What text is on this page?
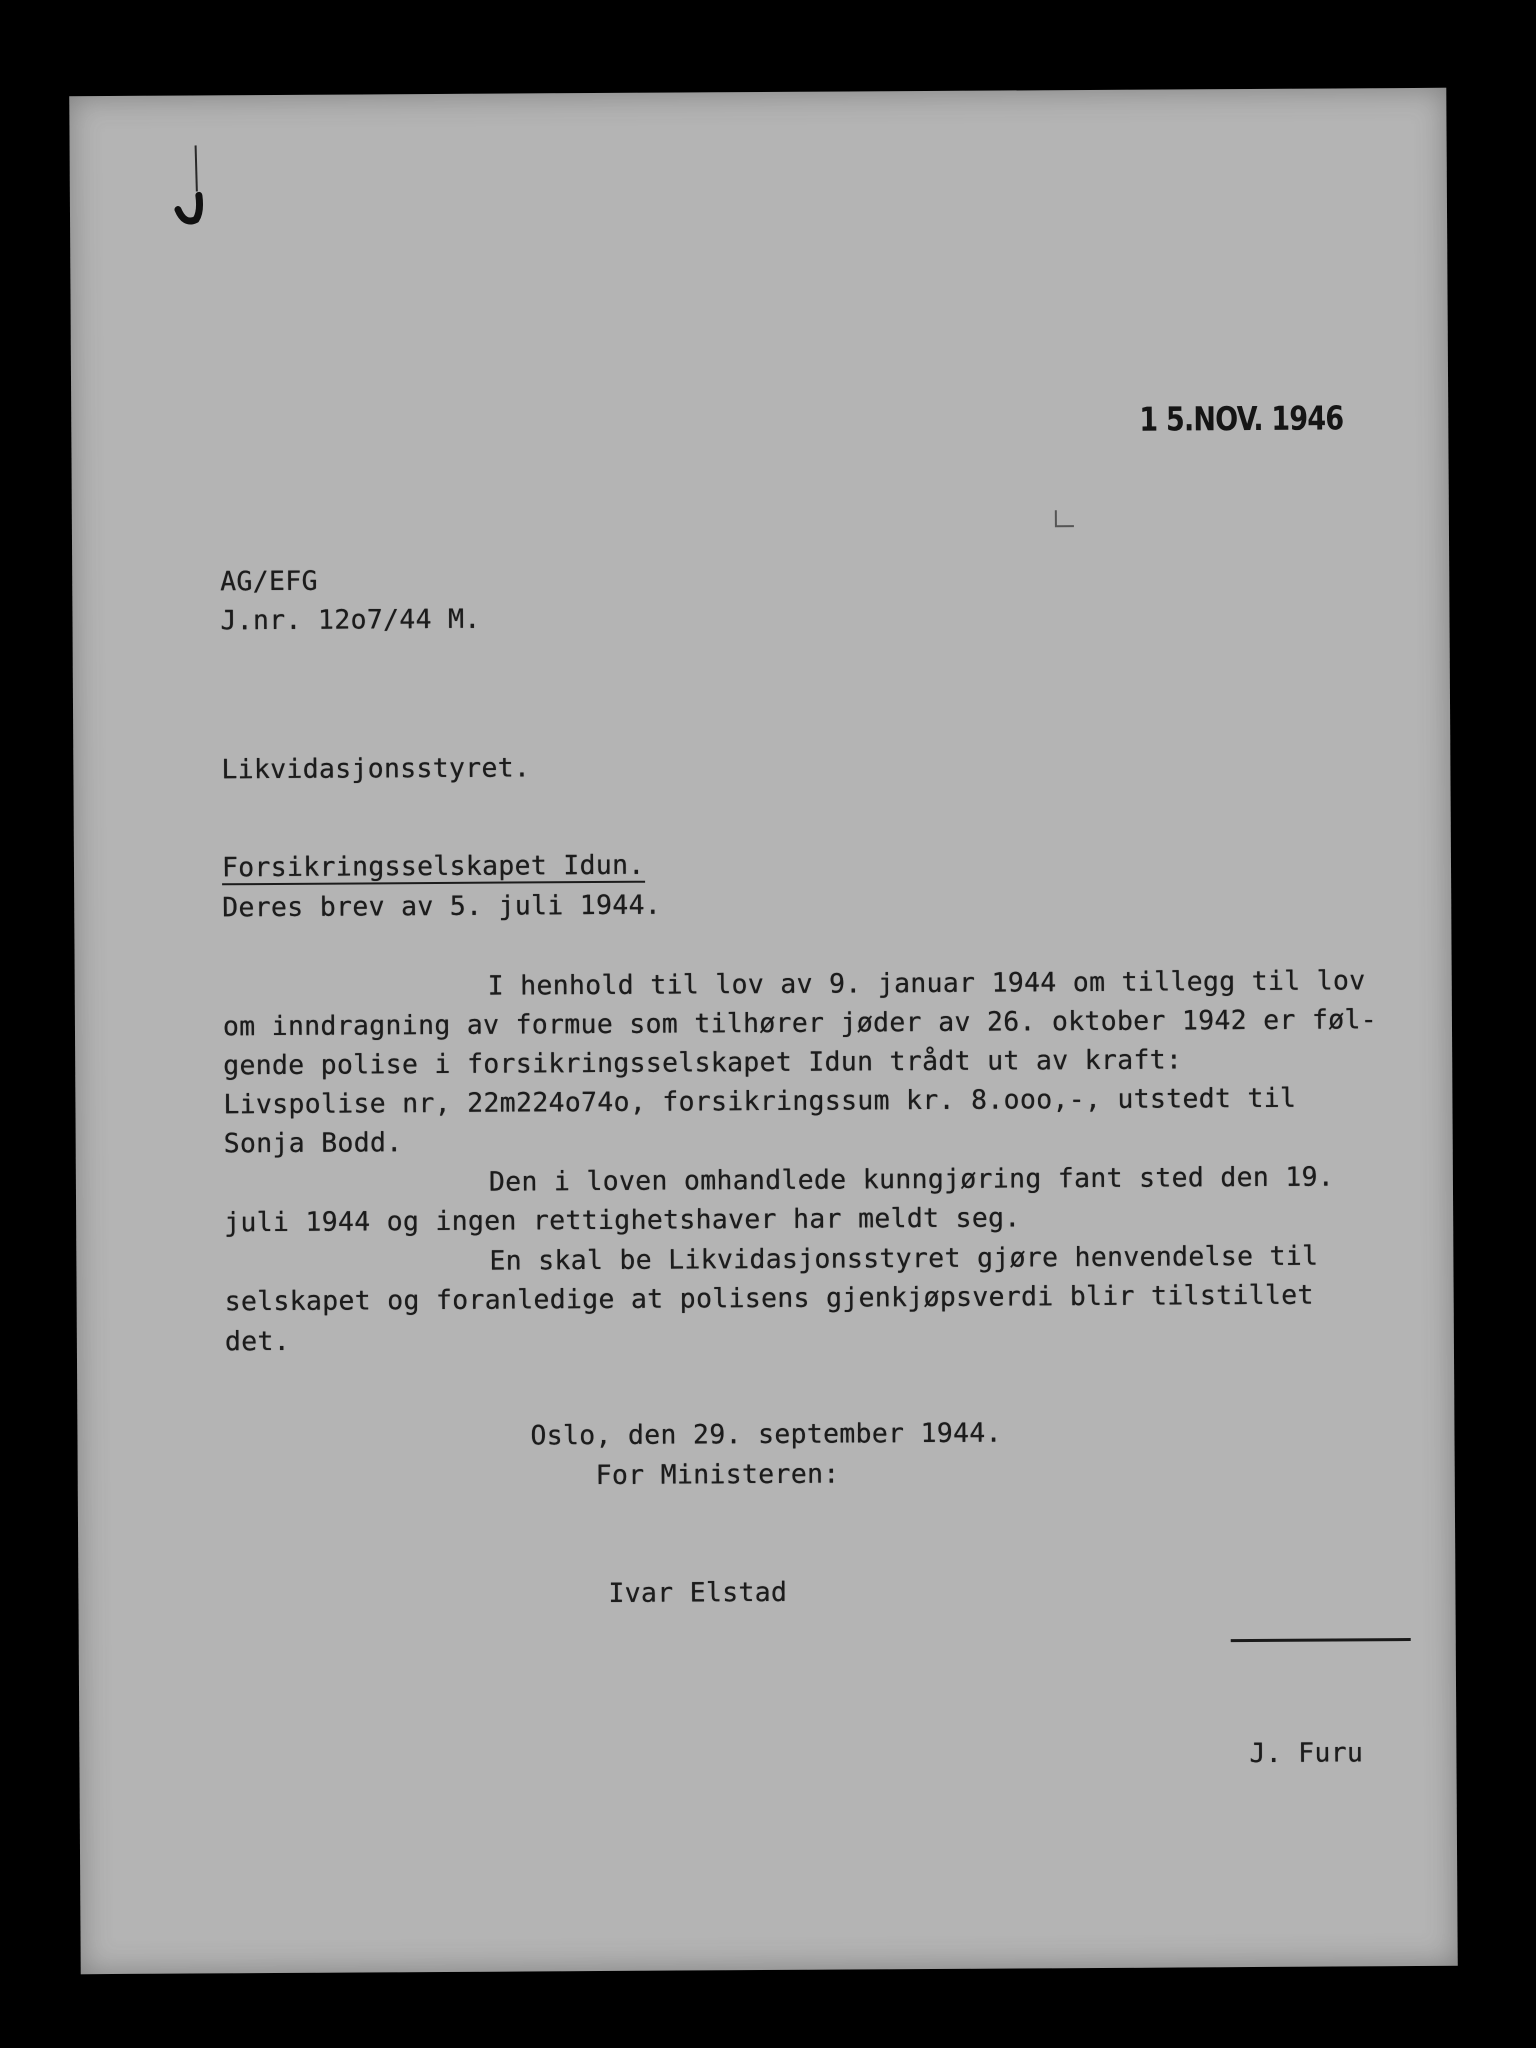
1 5.NOV. 1946
AG/EFG
J.nr. 12o7/44 M.
Likvidasjonsstyret.
Forsikringsselskapet Idun.
Deres brev av 5. juli 1944.
I henhold til lov av 9. januar 1944 om tillegg til lov
om inndragning av formue som tilhører jøder av 26. oktober 1942 er føl-
gende polise i forsikringsselskapet Idun trådt ut av kraft:
Livspolise nr, 22m224o74o, forsikringssum kr. 8.ooo,-, utstedt til
Sonja Bodd.
Den i loven omhandlede kunngjøring fant sted den 19.
juli 1944 og ingen rettighetshaver har meldt seg.
En skal be Likvidasjonsstyret gjøre henvendelse til
selskapet og foranledige at polisens gjenkjøpsverdi blir tilstillet
det.
Oslo, den 29. september 1944.
For Ministeren:
Ivar Elstad
J. Furu
